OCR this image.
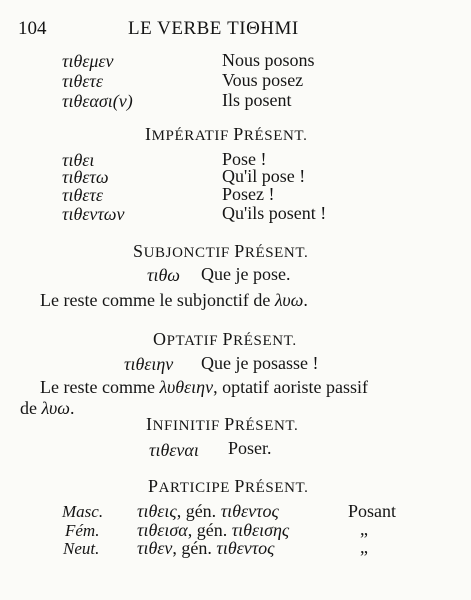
104	LE VERBE ΤΙΘΗΜΙ
τιθεμεν	Nous posons
τιθετε	Vous posez
τιθεασι(ν)	Ils posent
IMPÉRATIF PRÉSENT.
τιθει	Pose !
τιθετω	Qu'il pose !
τιθετε	Posez !
τιθεντων	Qu'ils posent !
SUBJONCTIF PRÉSENT.
τιθω Que je pose.
Le reste comme le subjonctif de λυω.
OPTATIF PRÉSENT.
τιθειην Que je posasse !
Le reste comme λυθειην, optatif aoriste passif
de λυω.
INFINITIF PRÉSENT.
τιθεναι Poser.
PARTICIPE PRÉSENT.
Masc. τιθεις, gén. τιθεντος	Posant
Fém. τιθεισα, gén. τιθεισης	„
Neut. τιθεν, gén. τιθεντος	„
